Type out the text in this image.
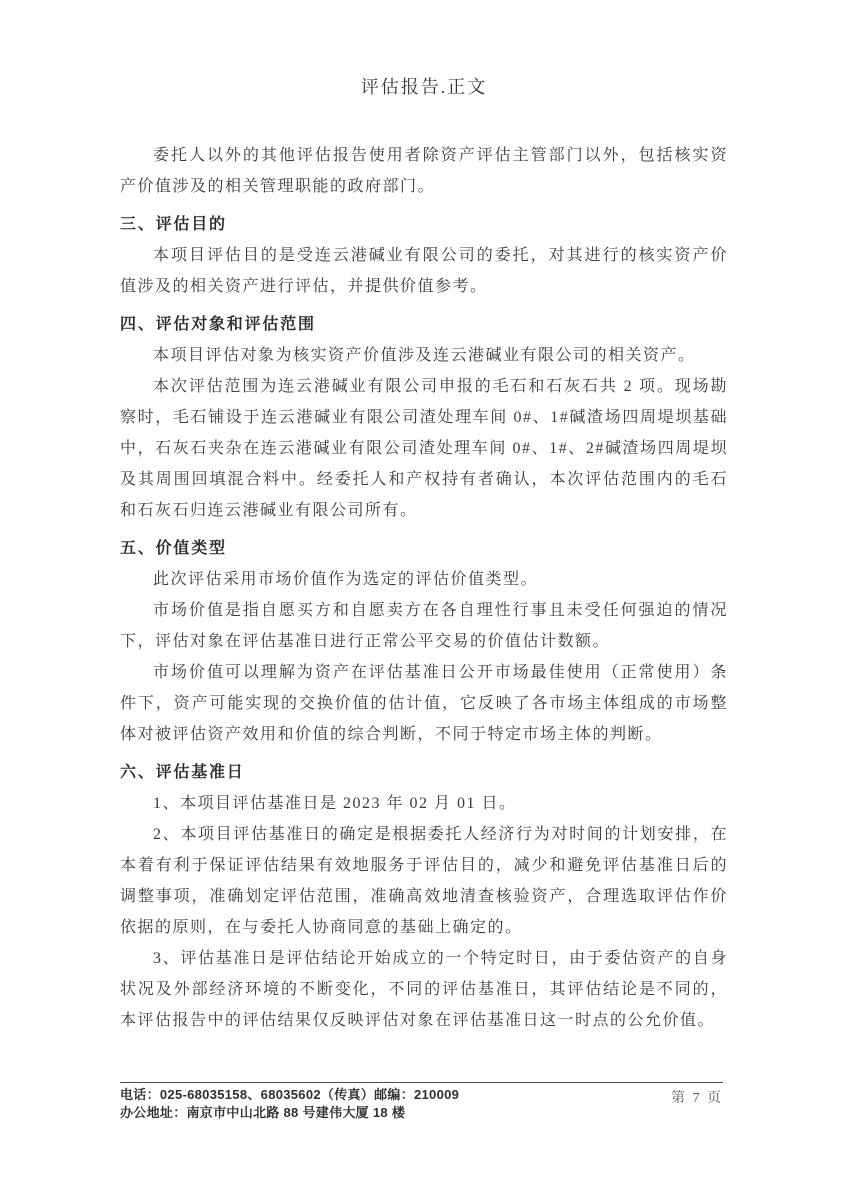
评估报告.正文

委托人以外的其他评估报告使用者除资产评估主管部门以外，包括核实资产价值涉及的相关管理职能的政府部门。

三、评估目的

本项目评估目的是受连云港碱业有限公司的委托，对其进行的核实资产价值涉及的相关资产进行评估，并提供价值参考。

四、评估对象和评估范围

本项目评估对象为核实资产价值涉及连云港碱业有限公司的相关资产。

本次评估范围为连云港碱业有限公司申报的毛石和石灰石共 2 项。现场勘察时，毛石铺设于连云港碱业有限公司渣处理车间 0#、1#碱渣场四周堤坝基础中，石灰石夹杂在连云港碱业有限公司渣处理车间 0#、1#、2#碱渣场四周堤坝及其周围回填混合料中。经委托人和产权持有者确认，本次评估范围内的毛石和石灰石归连云港碱业有限公司所有。

五、价值类型

此次评估采用市场价值作为选定的评估价值类型。

市场价值是指自愿买方和自愿卖方在各自理性行事且未受任何强迫的情况下，评估对象在评估基准日进行正常公平交易的价值估计数额。

市场价值可以理解为资产在评估基准日公开市场最佳使用（正常使用）条件下，资产可能实现的交换价值的估计值，它反映了各市场主体组成的市场整体对被评估资产效用和价值的综合判断，不同于特定市场主体的判断。

六、评估基准日

1、本项目评估基准日是 2023 年 02 月 01 日。

2、本项目评估基准日的确定是根据委托人经济行为对时间的计划安排，在本着有利于保证评估结果有效地服务于评估目的，减少和避免评估基准日后的调整事项，准确划定评估范围，准确高效地清查核验资产，合理选取评估作价依据的原则，在与委托人协商同意的基础上确定的。

3、评估基准日是评估结论开始成立的一个特定时日，由于委估资产的自身状况及外部经济环境的不断变化，不同的评估基准日，其评估结论是不同的，本评估报告中的评估结果仅反映评估对象在评估基准日这一时点的公允价值。

电话：025-68035158、68035602（传真）邮编：210009
办公地址：南京市中山北路 88 号建伟大厦 18 楼
第 7 页
